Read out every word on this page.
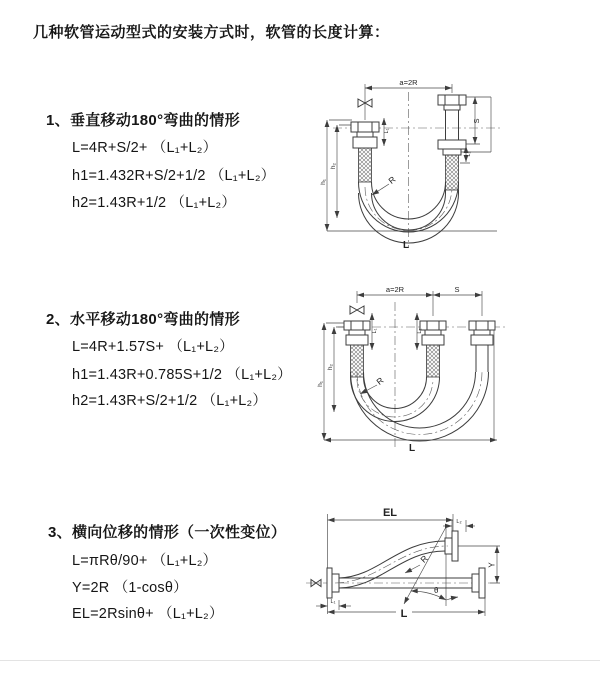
几种软管运动型式的安装方式时，软管的长度计算：
1、垂直移动180°弯曲的情形
L=4R+S/2+ （L₁+L₂）
h1=1.432R+S/2+1/2 （L₁+L₂）
h2=1.43R+1/2 （L₁+L₂）
2、水平移动180°弯曲的情形
L=4R+1.57S+ （L₁+L₂）
h1=1.43R+0.785S+1/2 （L₁+L₂）
h2=1.43R+S/2+1/2 （L₁+L₂）
3、横向位移的情形（一次性变位）
L=πRθ/90+ （L₁+L₂）
Y=2R （1-cosθ）
EL=2Rsinθ+ （L₁+L₂）
a=2R
S
L₂
L₁
h₁
h₂
R
L
a=2R	S
L₁	L₂
h₁
h₂
R
L
EL
L₂
Y
R
θ
L₁
L
